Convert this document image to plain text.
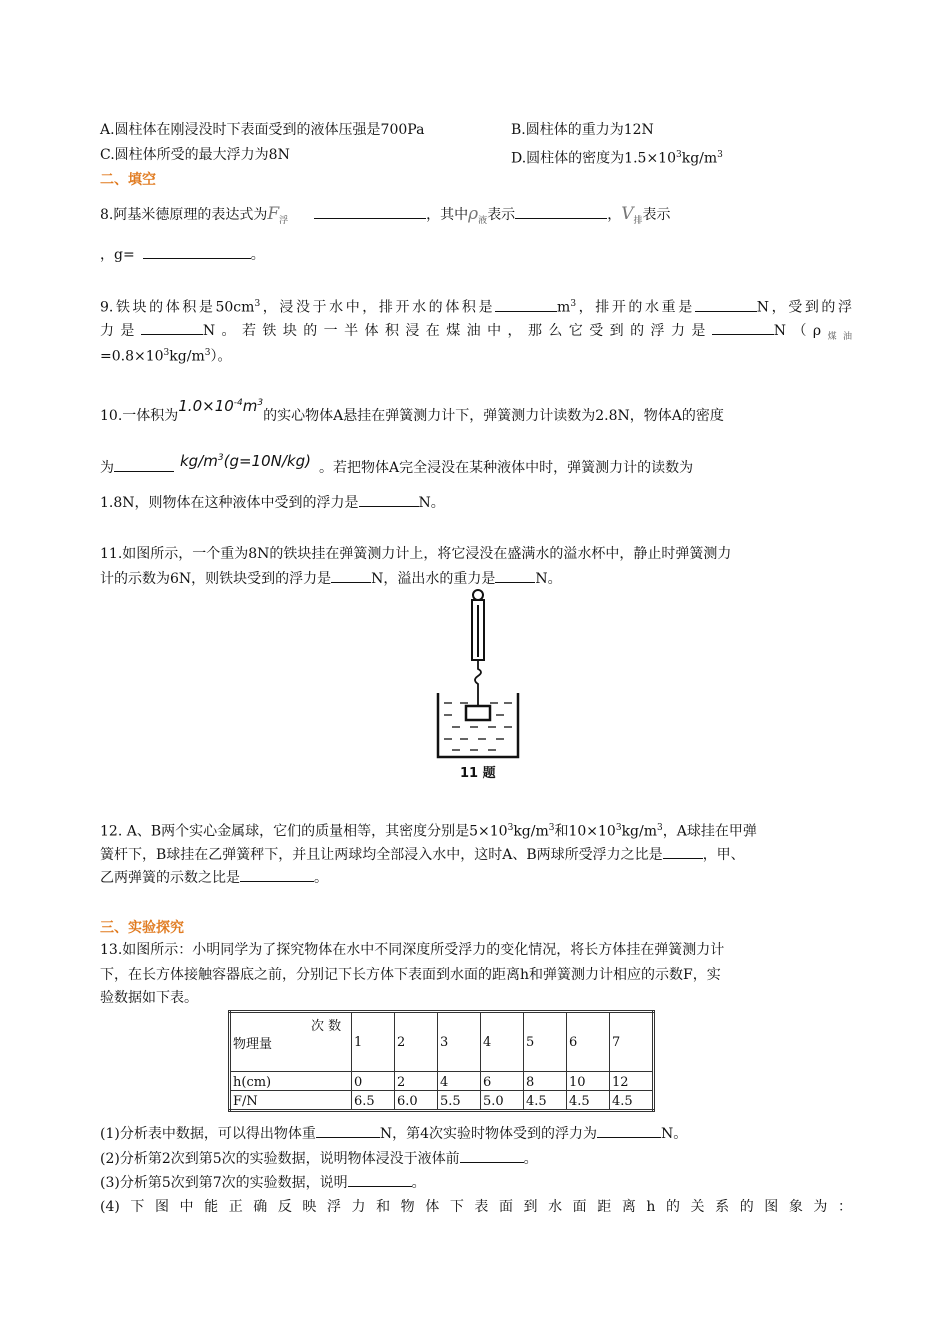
A.圆柱体在刚浸没时下表面受到的液体压强是700Pa	B.圆柱体的重力为12N
C.圆柱体所受的最大浮力为8N	D.圆柱体的密度为$1.5\times 10^3kg/m^3$
二、填空
8.阿基米德原理的表达式为$F_浮$	，其中$\rho_液$表示	，$V_排$表示
，g=	。
9.铁块的体积是$50cm^3$，浸没于水中，排开水的体积是	$m^3$，排开的水重是	N，受到的浮
力是	N。若铁块的一半体积浸在煤油中，那么它受到的浮力是	$N(\rho_{煤油}$
$=0.8\times 10^3kg/m^3$）。
10.一体积为$1.0\times 10^{-4}m^3$的实心物体A悬挂在弹簧测力计下，弹簧测力计读数为2.8N，物体A的密度
为	$kg/m^3(g=10N/kg)$ 。若把物体A完全浸没在某种液体中时，弹簧测力计的读数为
1.8N，则物体在这种液体中受到的浮力是	N。
11.如图所示，一个重为8N的铁块挂在弹簧测力计上，将它浸没在盛满水的溢水杯中，静止时弹簧测力
计的示数为6N，则铁块受到的浮力是	N，溢出水的重力是	N。
11 题
12. A、B两个实心金属球，它们的质量相等，其密度分别是$5\times 10^3kg/m^3$和$10\times 10^3kg/m^3$，A球挂在甲弹
簧杆下，B球挂在乙弹簧秤下，并且让两球均全部浸入水中，这时A、B两球所受浮力之比是	，甲、
乙两弹簧的示数之比是	。
三、实验探究
13.如图所示：小明同学为了探究物体在水中不同深度所受浮力的变化情况，将长方体挂在弹簧测力计
下，在长方体接触容器底之前，分别记下长方体下表面到水面的距离h和弹簧测力计相应的示数F，实
验数据如下表。
次 数
物理量	1	2	3	4	5	6	7
h(cm)	0	2	4	6	8	10	12
F/N	6.5	6.0	5.5	5.0	4.5	4.5	4.5
(1)分析表中数据，可以得出物体重	N，第4次实验时物体受到的浮力为	N。
(2)分析第2次到第5次的实验数据，说明物体浸没于液体前	。
(3)分析第5次到第7次的实验数据，说明	。
(4)下图中能正确反映浮力和物体下表面到水面距离h的关系的图象为：
